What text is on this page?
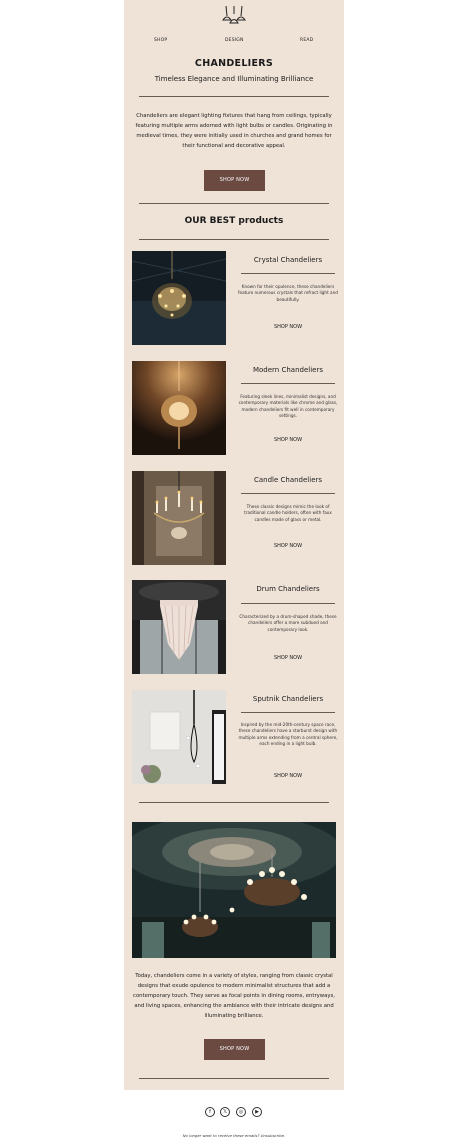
SHOP	DESIGN	READ
CHANDELIERS
Timeless Elegance and Illuminating Brilliance
Chandeliers are elegant lighting fixtures that hang from ceilings, typically featuring multiple arms adorned with light bulbs or candles. Originating in medieval times, they were initially used in churches and grand homes for their functional and decorative appeal.
SHOP NOW
OUR BEST products
Crystal Chandeliers
Known for their opulence, these chandeliers feature numerous crystals that refract light and beautifully.
SHOP NOW
Modern Chandeliers
Featuring sleek lines, minimalist designs, and contemporary materials like chrome and glass, modern chandeliers fit well in contemporary settings.
SHOP NOW
Candle Chandeliers
These classic designs mimic the look of traditional candle holders, often with faux candles made of glass or metal.
SHOP NOW
Drum Chandeliers
Characterized by a drum-shaped shade, these chandeliers offer a more subdued and contemporary look.
SHOP NOW
Sputnik Chandeliers
Inspired by the mid-20th-century space race, these chandeliers have a starburst design with multiple arms extending from a central sphere, each ending in a light bulb.
SHOP NOW
Today, chandeliers come in a variety of styles, ranging from classic crystal designs that exude opulence to modern minimalist structures that add a contemporary touch. They serve as focal points in dining rooms, entryways, and living spaces, enhancing the ambiance with their intricate designs and illuminating brilliance.
SHOP NOW
f	𝕏	◎	▶
No longer want to receive these emails? Unsubscribe.
